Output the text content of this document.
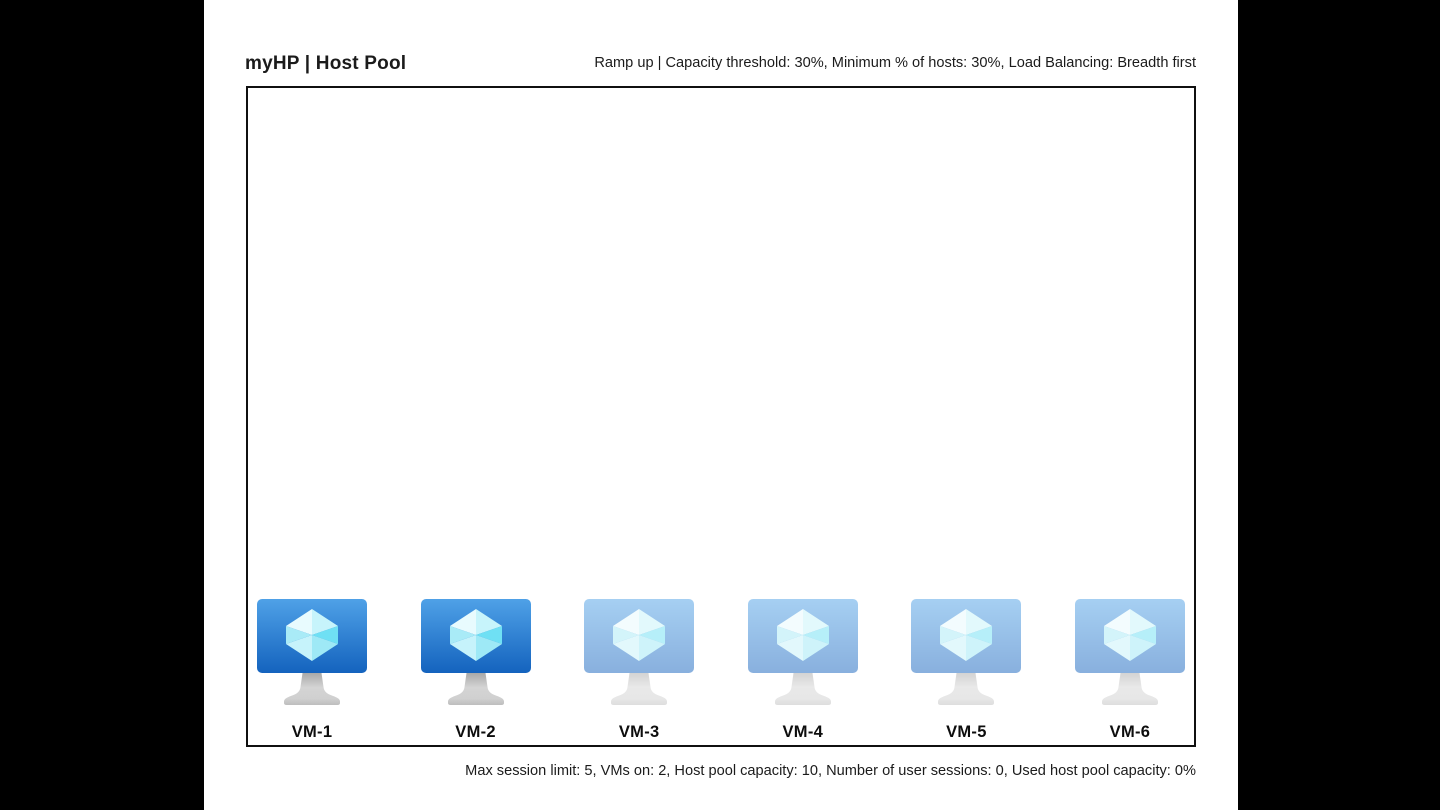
myHP | Host Pool	Ramp up | Capacity threshold: 30%, Minimum % of hosts: 30%, Load Balancing: Breadth first
VM-1	VM-2	VM-3	VM-4	VM-5	VM-6
Max session limit: 5, VMs on: 2, Host pool capacity: 10, Number of user sessions: 0, Used host pool capacity: 0%
